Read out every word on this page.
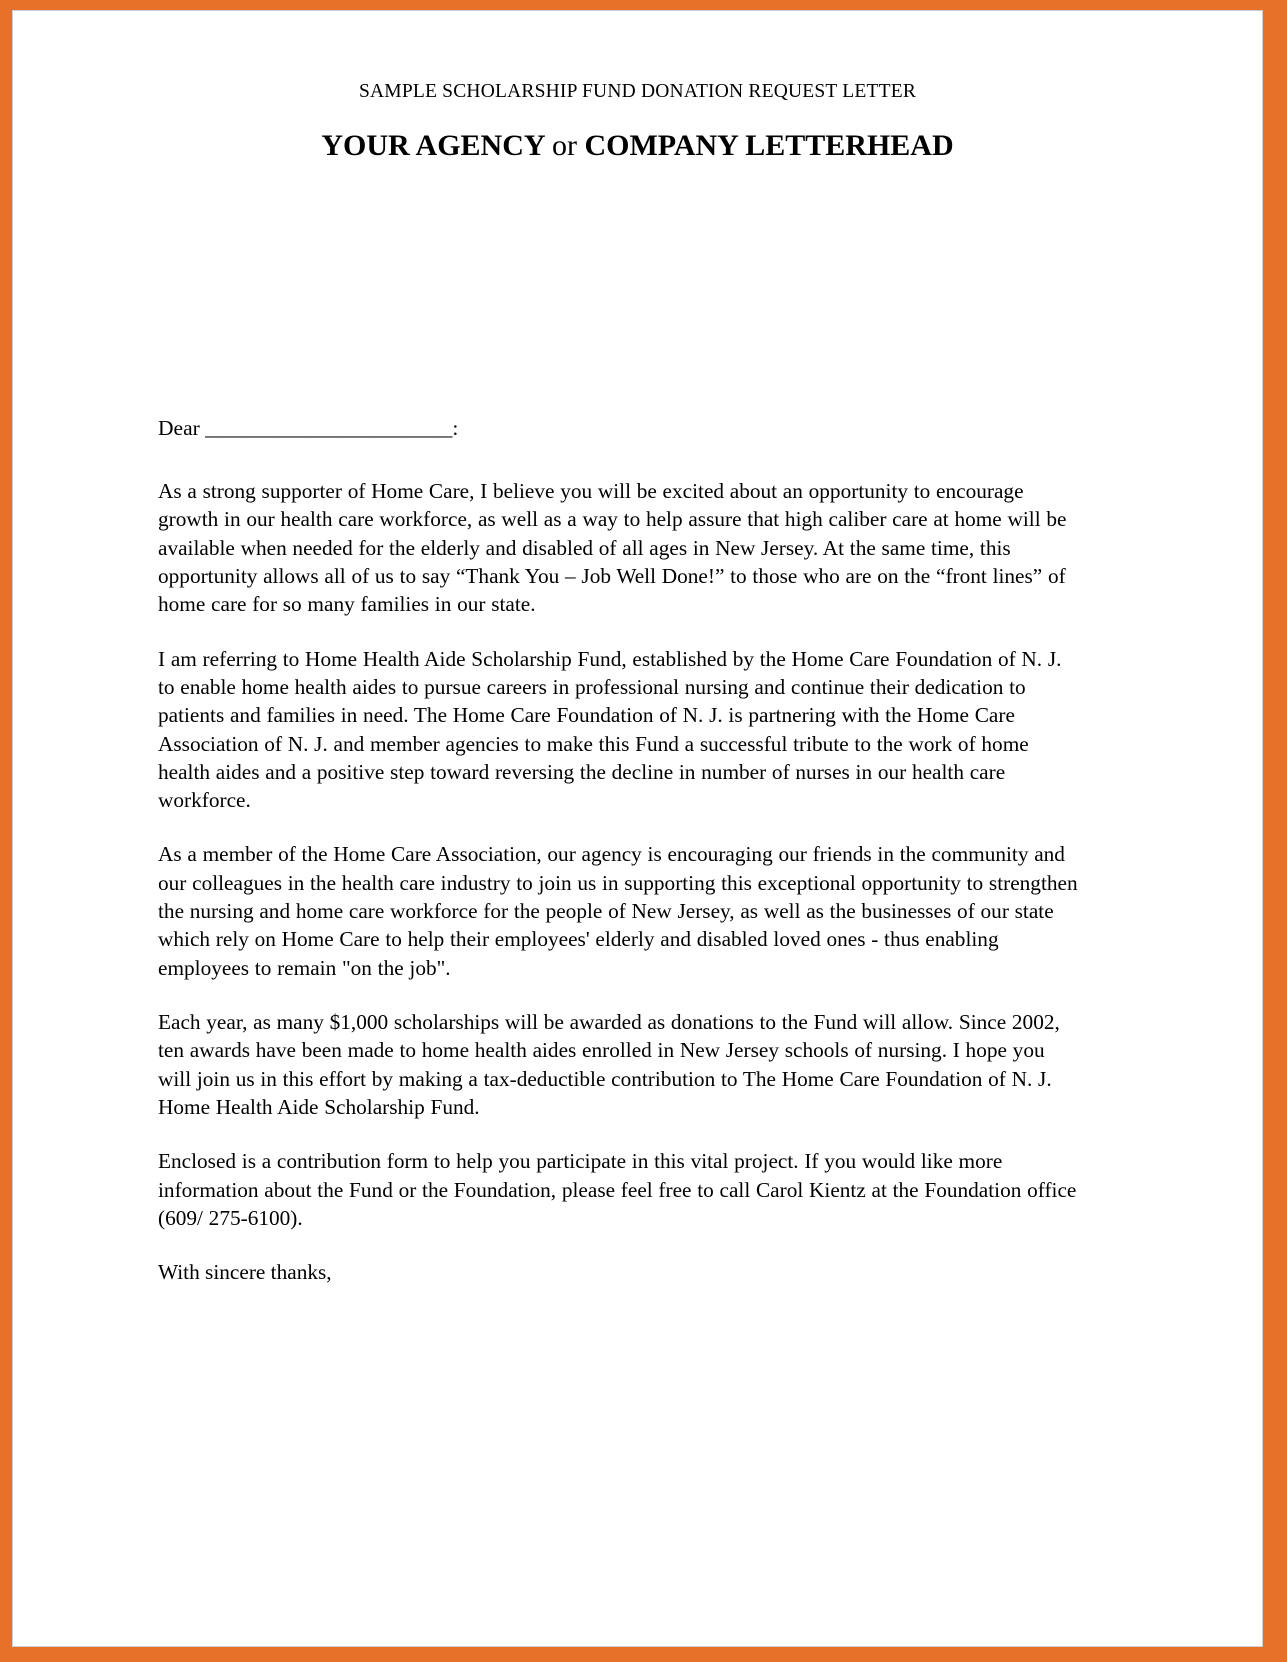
SAMPLE SCHOLARSHIP FUND DONATION REQUEST LETTER
YOUR AGENCY or COMPANY LETTERHEAD
Dear _______________________:

As a strong supporter of Home Care, I believe you will be excited about an opportunity to encourage growth in our health care workforce, as well as a way to help assure that high caliber care at home will be available when needed for the elderly and disabled of all ages in New Jersey. At the same time, this opportunity allows all of us to say “Thank You – Job Well Done!” to those who are on the “front lines” of home care for so many families in our state.

I am referring to Home Health Aide Scholarship Fund, established by the Home Care Foundation of N. J. to enable home health aides to pursue careers in professional nursing and continue their dedication to patients and families in need. The Home Care Foundation of N. J. is partnering with the Home Care Association of N. J. and member agencies to make this Fund a successful tribute to the work of home health aides and a positive step toward reversing the decline in number of nurses in our health care workforce.

As a member of the Home Care Association, our agency is encouraging our friends in the community and our colleagues in the health care industry to join us in supporting this exceptional opportunity to strengthen the nursing and home care workforce for the people of New Jersey, as well as the businesses of our state which rely on Home Care to help their employees' elderly and disabled loved ones - thus enabling employees to remain "on the job".

Each year, as many $1,000 scholarships will be awarded as donations to the Fund will allow. Since 2002, ten awards have been made to home health aides enrolled in New Jersey schools of nursing. I hope you will join us in this effort by making a tax-deductible contribution to The Home Care Foundation of N. J. Home Health Aide Scholarship Fund.

Enclosed is a contribution form to help you participate in this vital project. If you would like more information about the Fund or the Foundation, please feel free to call Carol Kientz at the Foundation office (609/ 275-6100).

With sincere thanks,
